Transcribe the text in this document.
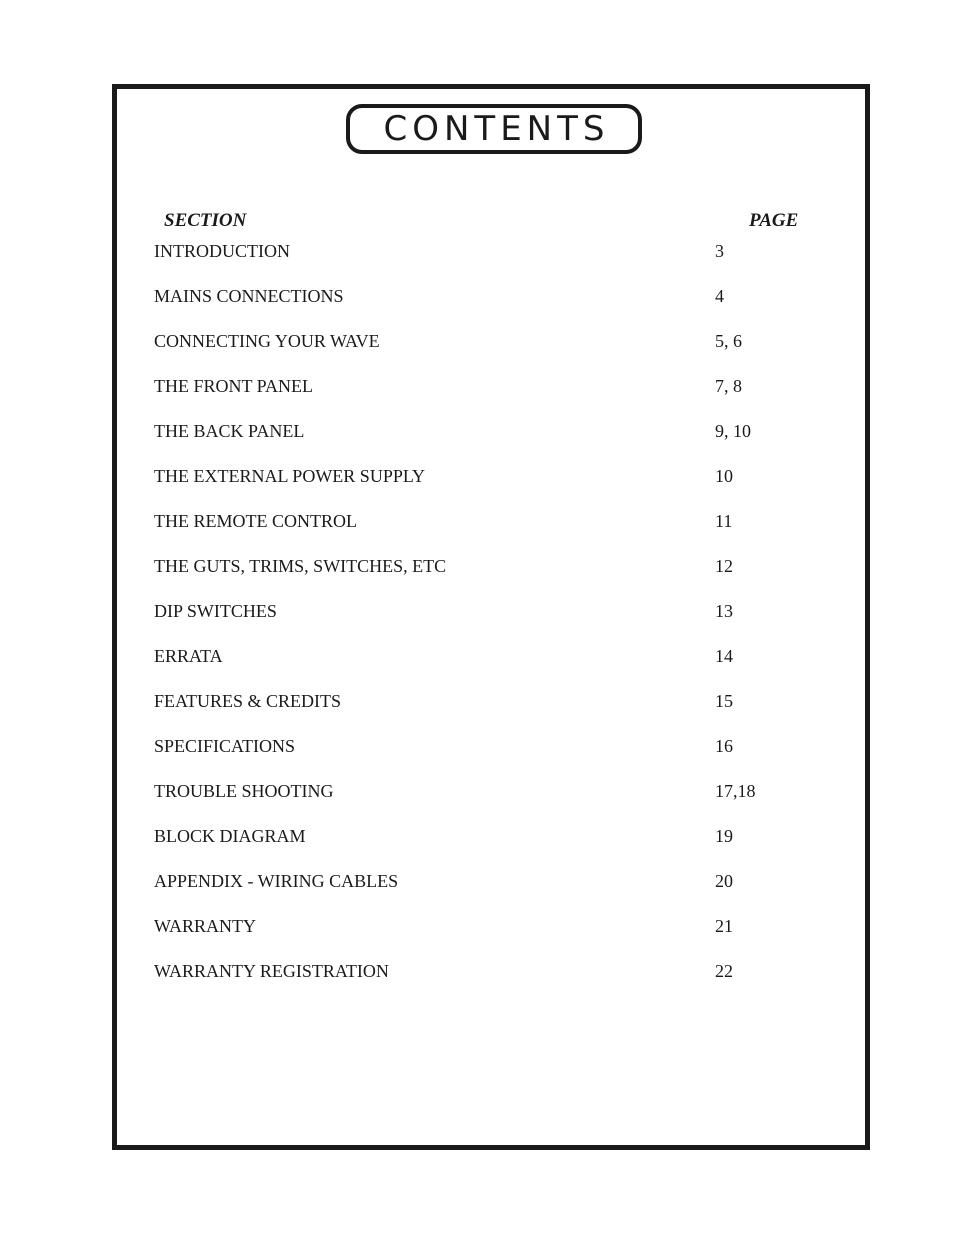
CONTENTS
SECTION	PAGE
INTRODUCTION	3
MAINS CONNECTIONS	4
CONNECTING YOUR WAVE	5, 6
THE FRONT PANEL	7, 8
THE BACK PANEL	9, 10
THE EXTERNAL POWER SUPPLY	10
THE REMOTE CONTROL	11
THE GUTS, TRIMS, SWITCHES, ETC	12
DIP SWITCHES	13
ERRATA	14
FEATURES & CREDITS	15
SPECIFICATIONS	16
TROUBLE SHOOTING	17,18
BLOCK DIAGRAM	19
APPENDIX - WIRING CABLES	20
WARRANTY	21
WARRANTY REGISTRATION	22
